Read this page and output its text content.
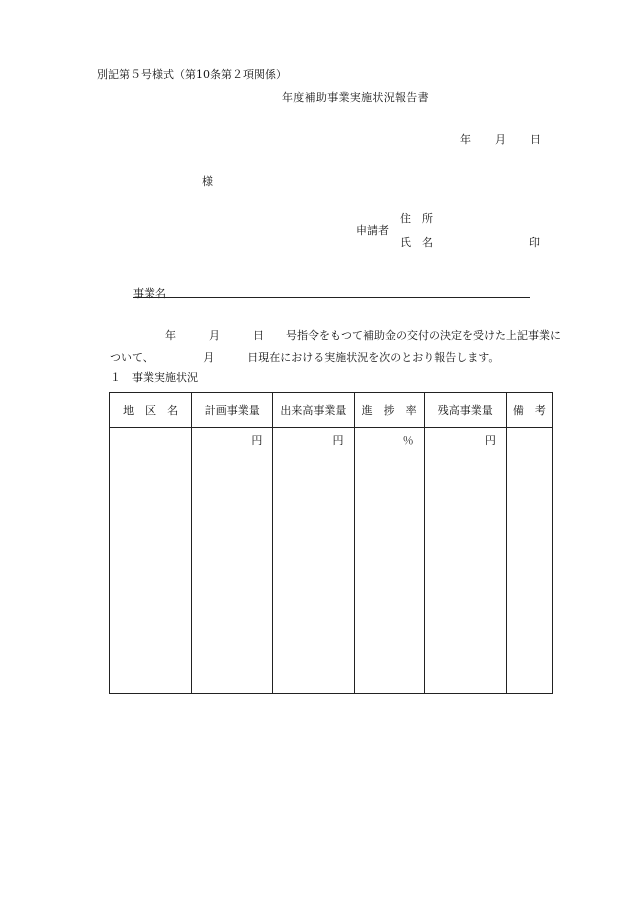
別記第５号様式（第10条第２項関係）
年度補助事業実施状況報告書
年 月 日
様
申請者
住　所
氏　名	印
事業名
　　　　　年　　　月　　　日　　号指令をもつて補助金の交付の決定を受けた上記事業に
ついて、　　　　　月　　　日現在における実施状況を次のとおり報告します。
１　事業実施状況
地　区　名	計画事業量	出来高事業量	進　捗　率	残高事業量	備　考
	円	円	％	円	
